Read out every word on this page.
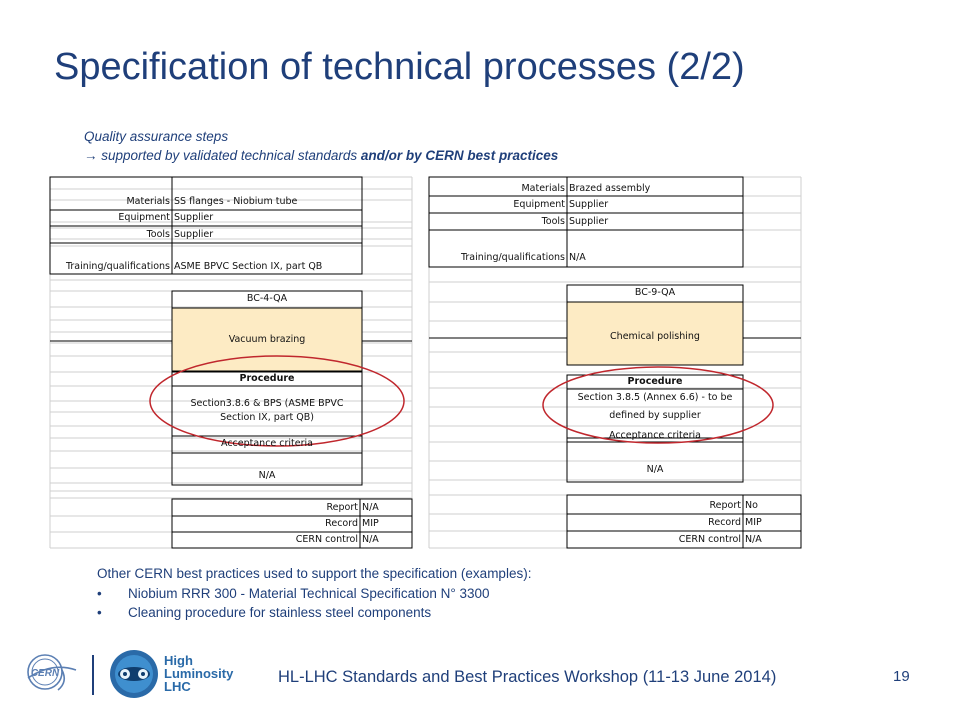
Specification of technical processes (2/2)
Quality assurance steps
→ supported by validated technical standards and/or by CERN best practices
Materials SS flanges - Niobium tube
Equipment Supplier
Tools Supplier
Training/qualifications ASME BPVC Section IX, part QB
BC-4-QA
Vacuum brazing
Procedure
Section3.8.6 & BPS (ASME BPVC
Section IX, part QB)
Acceptance criteria
N/A
Report N/A
Record MIP
CERN control N/A
Materials Brazed assembly
Equipment Supplier
Tools Supplier
Training/qualifications N/A
BC-9-QA
Chemical polishing
Procedure
Section 3.8.5 (Annex 6.6) - to be
defined by supplier
Acceptance criteria
N/A
Report No
Record MIP
CERN control N/A
Other CERN best practices used to support the specification (examples):
• Niobium RRR 300 - Material Technical Specification N° 3300
• Cleaning procedure for stainless steel components
CERN
High
Luminosity
LHC
HL-LHC Standards and Best Practices Workshop (11-13 June 2014)	19
